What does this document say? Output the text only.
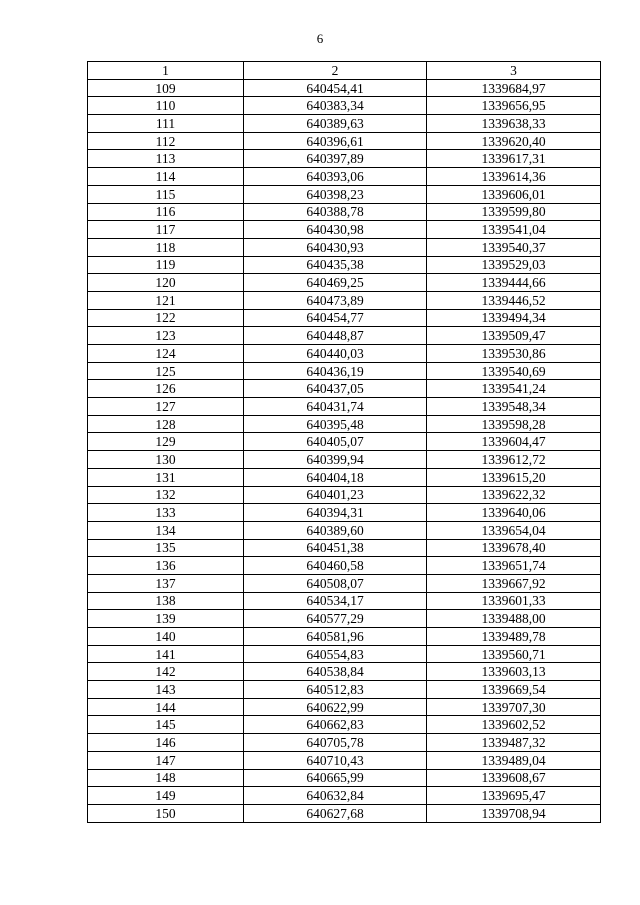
6
1	2	3
109	640454,41	1339684,97
110	640383,34	1339656,95
111	640389,63	1339638,33
112	640396,61	1339620,40
113	640397,89	1339617,31
114	640393,06	1339614,36
115	640398,23	1339606,01
116	640388,78	1339599,80
117	640430,98	1339541,04
118	640430,93	1339540,37
119	640435,38	1339529,03
120	640469,25	1339444,66
121	640473,89	1339446,52
122	640454,77	1339494,34
123	640448,87	1339509,47
124	640440,03	1339530,86
125	640436,19	1339540,69
126	640437,05	1339541,24
127	640431,74	1339548,34
128	640395,48	1339598,28
129	640405,07	1339604,47
130	640399,94	1339612,72
131	640404,18	1339615,20
132	640401,23	1339622,32
133	640394,31	1339640,06
134	640389,60	1339654,04
135	640451,38	1339678,40
136	640460,58	1339651,74
137	640508,07	1339667,92
138	640534,17	1339601,33
139	640577,29	1339488,00
140	640581,96	1339489,78
141	640554,83	1339560,71
142	640538,84	1339603,13
143	640512,83	1339669,54
144	640622,99	1339707,30
145	640662,83	1339602,52
146	640705,78	1339487,32
147	640710,43	1339489,04
148	640665,99	1339608,67
149	640632,84	1339695,47
150	640627,68	1339708,94
